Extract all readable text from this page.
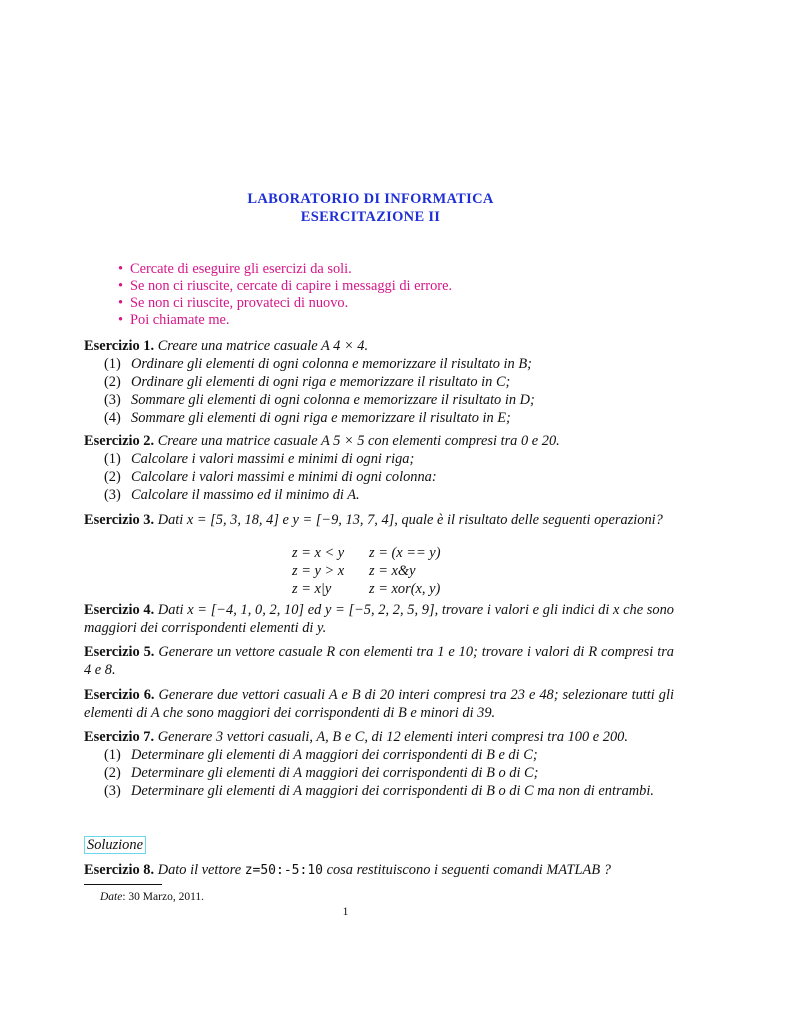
LABORATORIO DI INFORMATICA
ESERCITAZIONE II
• Cercate di eseguire gli esercizi da soli.
• Se non ci riuscite, cercate di capire i messaggi di errore.
• Se non ci riuscite, provateci di nuovo.
• Poi chiamate me.
Esercizio 1. Creare una matrice casuale A 4 × 4.
(1) Ordinare gli elementi di ogni colonna e memorizzare il risultato in B;
(2) Ordinare gli elementi di ogni riga e memorizzare il risultato in C;
(3) Sommare gli elementi di ogni colonna e memorizzare il risultato in D;
(4) Sommare gli elementi di ogni riga e memorizzare il risultato in E;
Esercizio 2. Creare una matrice casuale A 5 × 5 con elementi compresi tra 0 e 20.
(1) Calcolare i valori massimi e minimi di ogni riga;
(2) Calcolare i valori massimi e minimi di ogni colonna:
(3) Calcolare il massimo ed il minimo di A.
Esercizio 3. Dati x = [5, 3, 18, 4] e y = [−9, 13, 7, 4], quale è il risultato delle seguenti operazioni?
z = x < y	z = (x == y)
z = y > x	z = x&y
z = x|y	z = xor(x, y)
Esercizio 4. Dati x = [−4, 1, 0, 2, 10] ed y = [−5, 2, 2, 5, 9], trovare i valori e gli indici di x che sono maggiori dei corrispondenti elementi di y.
Esercizio 5. Generare un vettore casuale R con elementi tra 1 e 10; trovare i valori di R compresi tra 4 e 8.
Esercizio 6. Generare due vettori casuali A e B di 20 interi compresi tra 23 e 48; selezionare tutti gli elementi di A che sono maggiori dei corrispondenti di B e minori di 39.
Esercizio 7. Generare 3 vettori casuali, A, B e C, di 12 elementi interi compresi tra 100 e 200.
(1) Determinare gli elementi di A maggiori dei corrispondenti di B e di C;
(2) Determinare gli elementi di A maggiori dei corrispondenti di B o di C;
(3) Determinare gli elementi di A maggiori dei corrispondenti di B o di C ma non di entrambi.
Soluzione
Esercizio 8. Dato il vettore z=50:-5:10 cosa restituiscono i seguenti comandi MATLAB ?
Date: 30 Marzo, 2011.
1
